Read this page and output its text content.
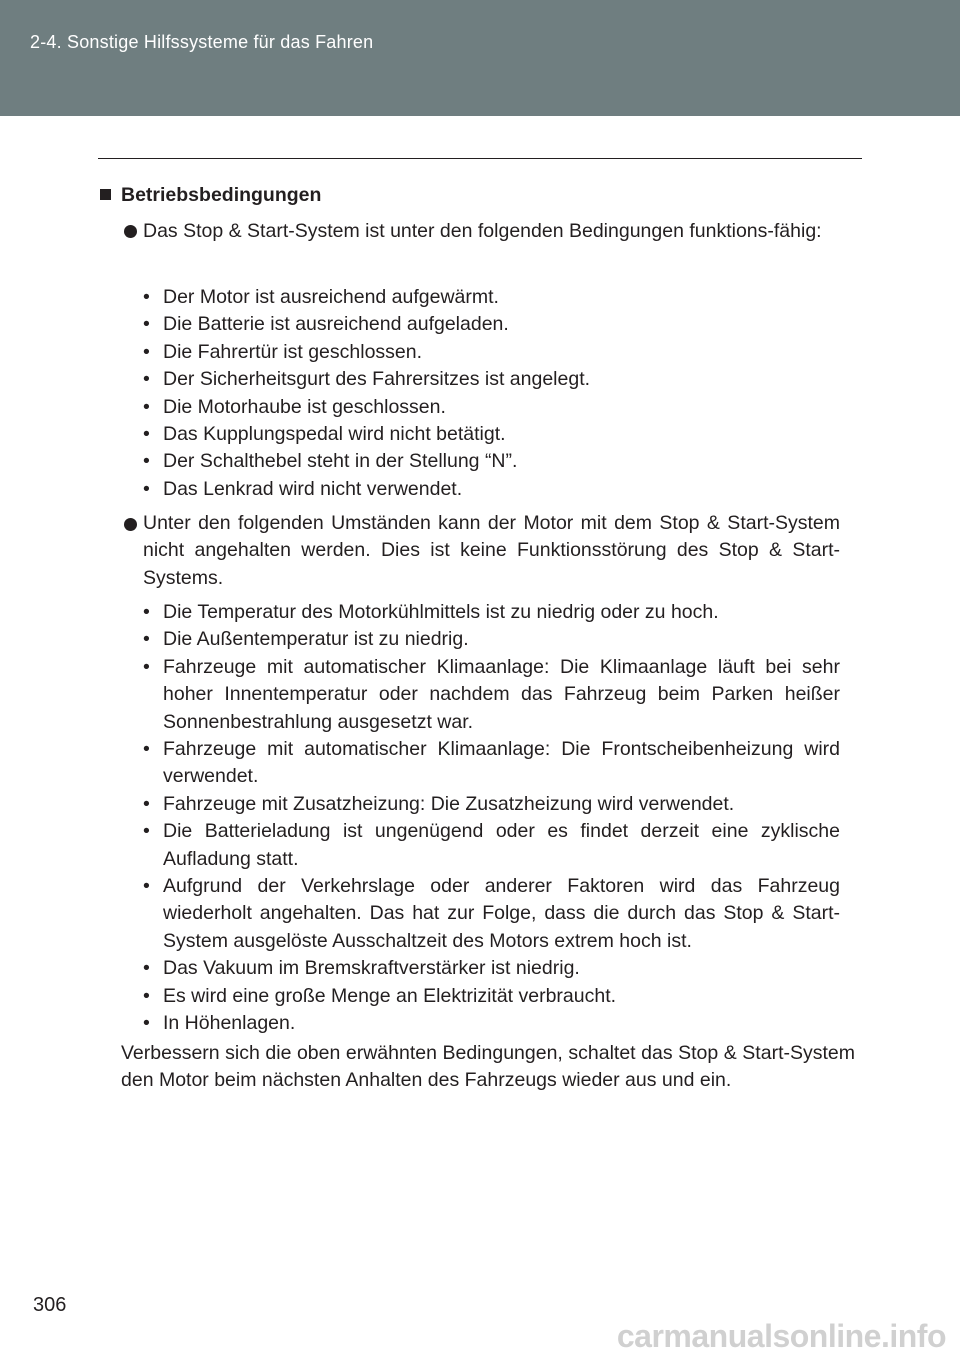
2-4. Sonstige Hilfssysteme für das Fahren
Betriebsbedingungen
Das Stop & Start-System ist unter den folgenden Bedingungen funktions-fähig:
• Der Motor ist ausreichend aufgewärmt.
• Die Batterie ist ausreichend aufgeladen.
• Die Fahrertür ist geschlossen.
• Der Sicherheitsgurt des Fahrersitzes ist angelegt.
• Die Motorhaube ist geschlossen.
• Das Kupplungspedal wird nicht betätigt.
• Der Schalthebel steht in der Stellung “N”.
• Das Lenkrad wird nicht verwendet.
Unter den folgenden Umständen kann der Motor mit dem Stop & Start-System nicht angehalten werden. Dies ist keine Funktionsstörung des Stop & Start-Systems.
• Die Temperatur des Motorkühlmittels ist zu niedrig oder zu hoch.
• Die Außentemperatur ist zu niedrig.
• Fahrzeuge mit automatischer Klimaanlage: Die Klimaanlage läuft bei sehr hoher Innentemperatur oder nachdem das Fahrzeug beim Parken heißer Sonnenbestrahlung ausgesetzt war.
• Fahrzeuge mit automatischer Klimaanlage: Die Frontscheibenheizung wird verwendet.
• Fahrzeuge mit Zusatzheizung: Die Zusatzheizung wird verwendet.
• Die Batterieladung ist ungenügend oder es findet derzeit eine zyklische Aufladung statt.
• Aufgrund der Verkehrslage oder anderer Faktoren wird das Fahrzeug wiederholt angehalten. Das hat zur Folge, dass die durch das Stop & Start-System ausgelöste Ausschaltzeit des Motors extrem hoch ist.
• Das Vakuum im Bremskraftverstärker ist niedrig.
• Es wird eine große Menge an Elektrizität verbraucht.
• In Höhenlagen.
Verbessern sich die oben erwähnten Bedingungen, schaltet das Stop & Start-System den Motor beim nächsten Anhalten des Fahrzeugs wieder aus und ein.
306
carmanualsonline.info
